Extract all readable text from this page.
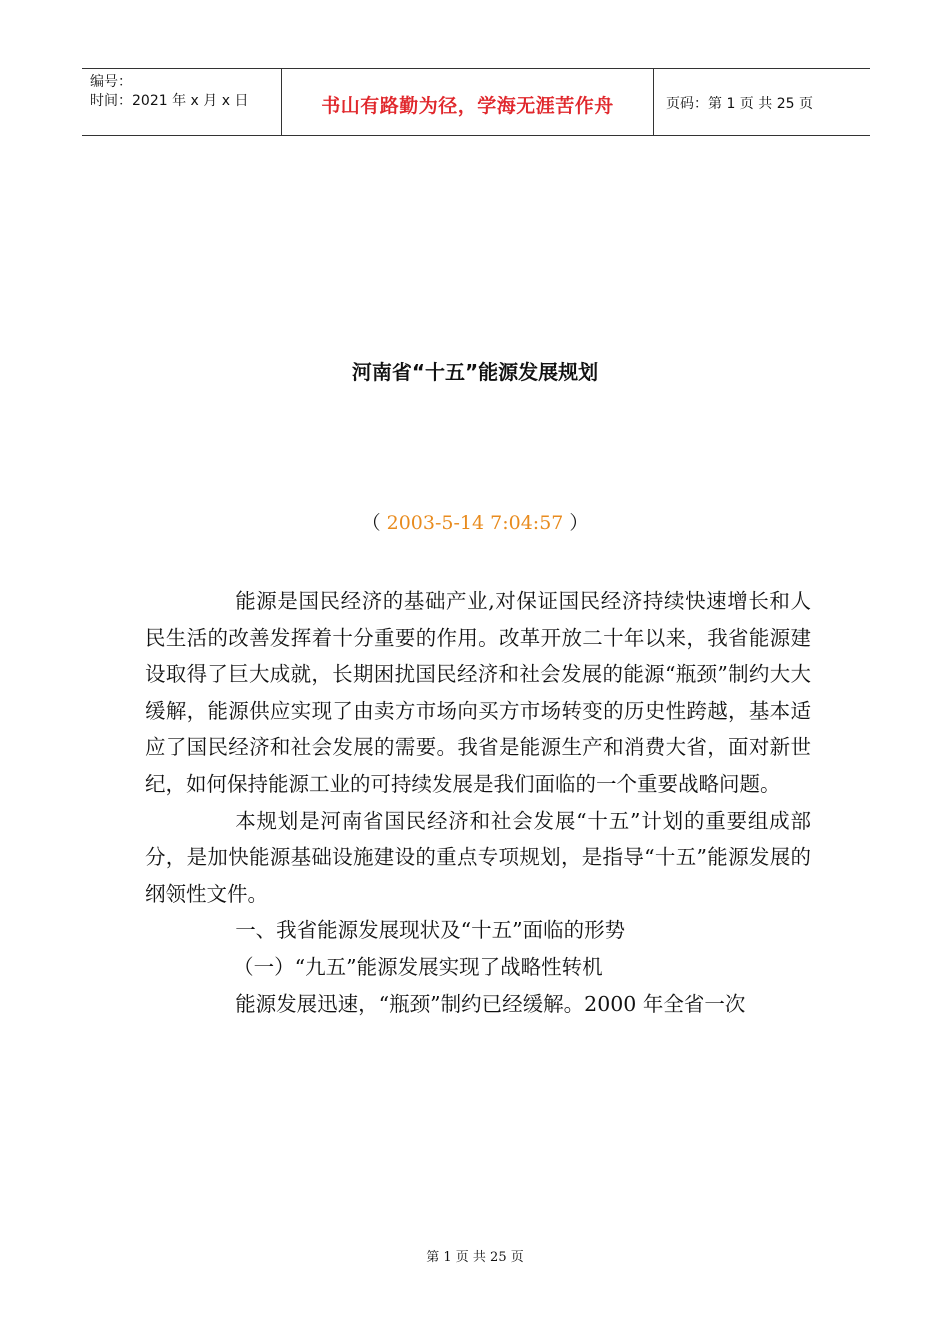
编号：
时间：2021 年 x 月 x 日	书山有路勤为径，学海无涯苦作舟	页码：第 1 页 共 25 页
河南省“十五”能源发展规划
（ 2003-5-14 7:04:57 ）

能源是国民经济的基础产业,对保证国民经济持续快速增长和人民生活的改善发挥着十分重要的作用。改革开放二十年以来，我省能源建设取得了巨大成就，长期困扰国民经济和社会发展的能源“瓶颈”制约大大缓解，能源供应实现了由卖方市场向买方市场转变的历史性跨越，基本适应了国民经济和社会发展的需要。我省是能源生产和消费大省，面对新世纪，如何保持能源工业的可持续发展是我们面临的一个重要战略问题。

本规划是河南省国民经济和社会发展“十五”计划的重要组成部分，是加快能源基础设施建设的重点专项规划，是指导“十五”能源发展的纲领性文件。

一、我省能源发展现状及“十五”面临的形势

（一）“九五”能源发展实现了战略性转机

能源发展迅速，“瓶颈”制约已经缓解。2000 年全省一次

第 1 页 共 25 页
